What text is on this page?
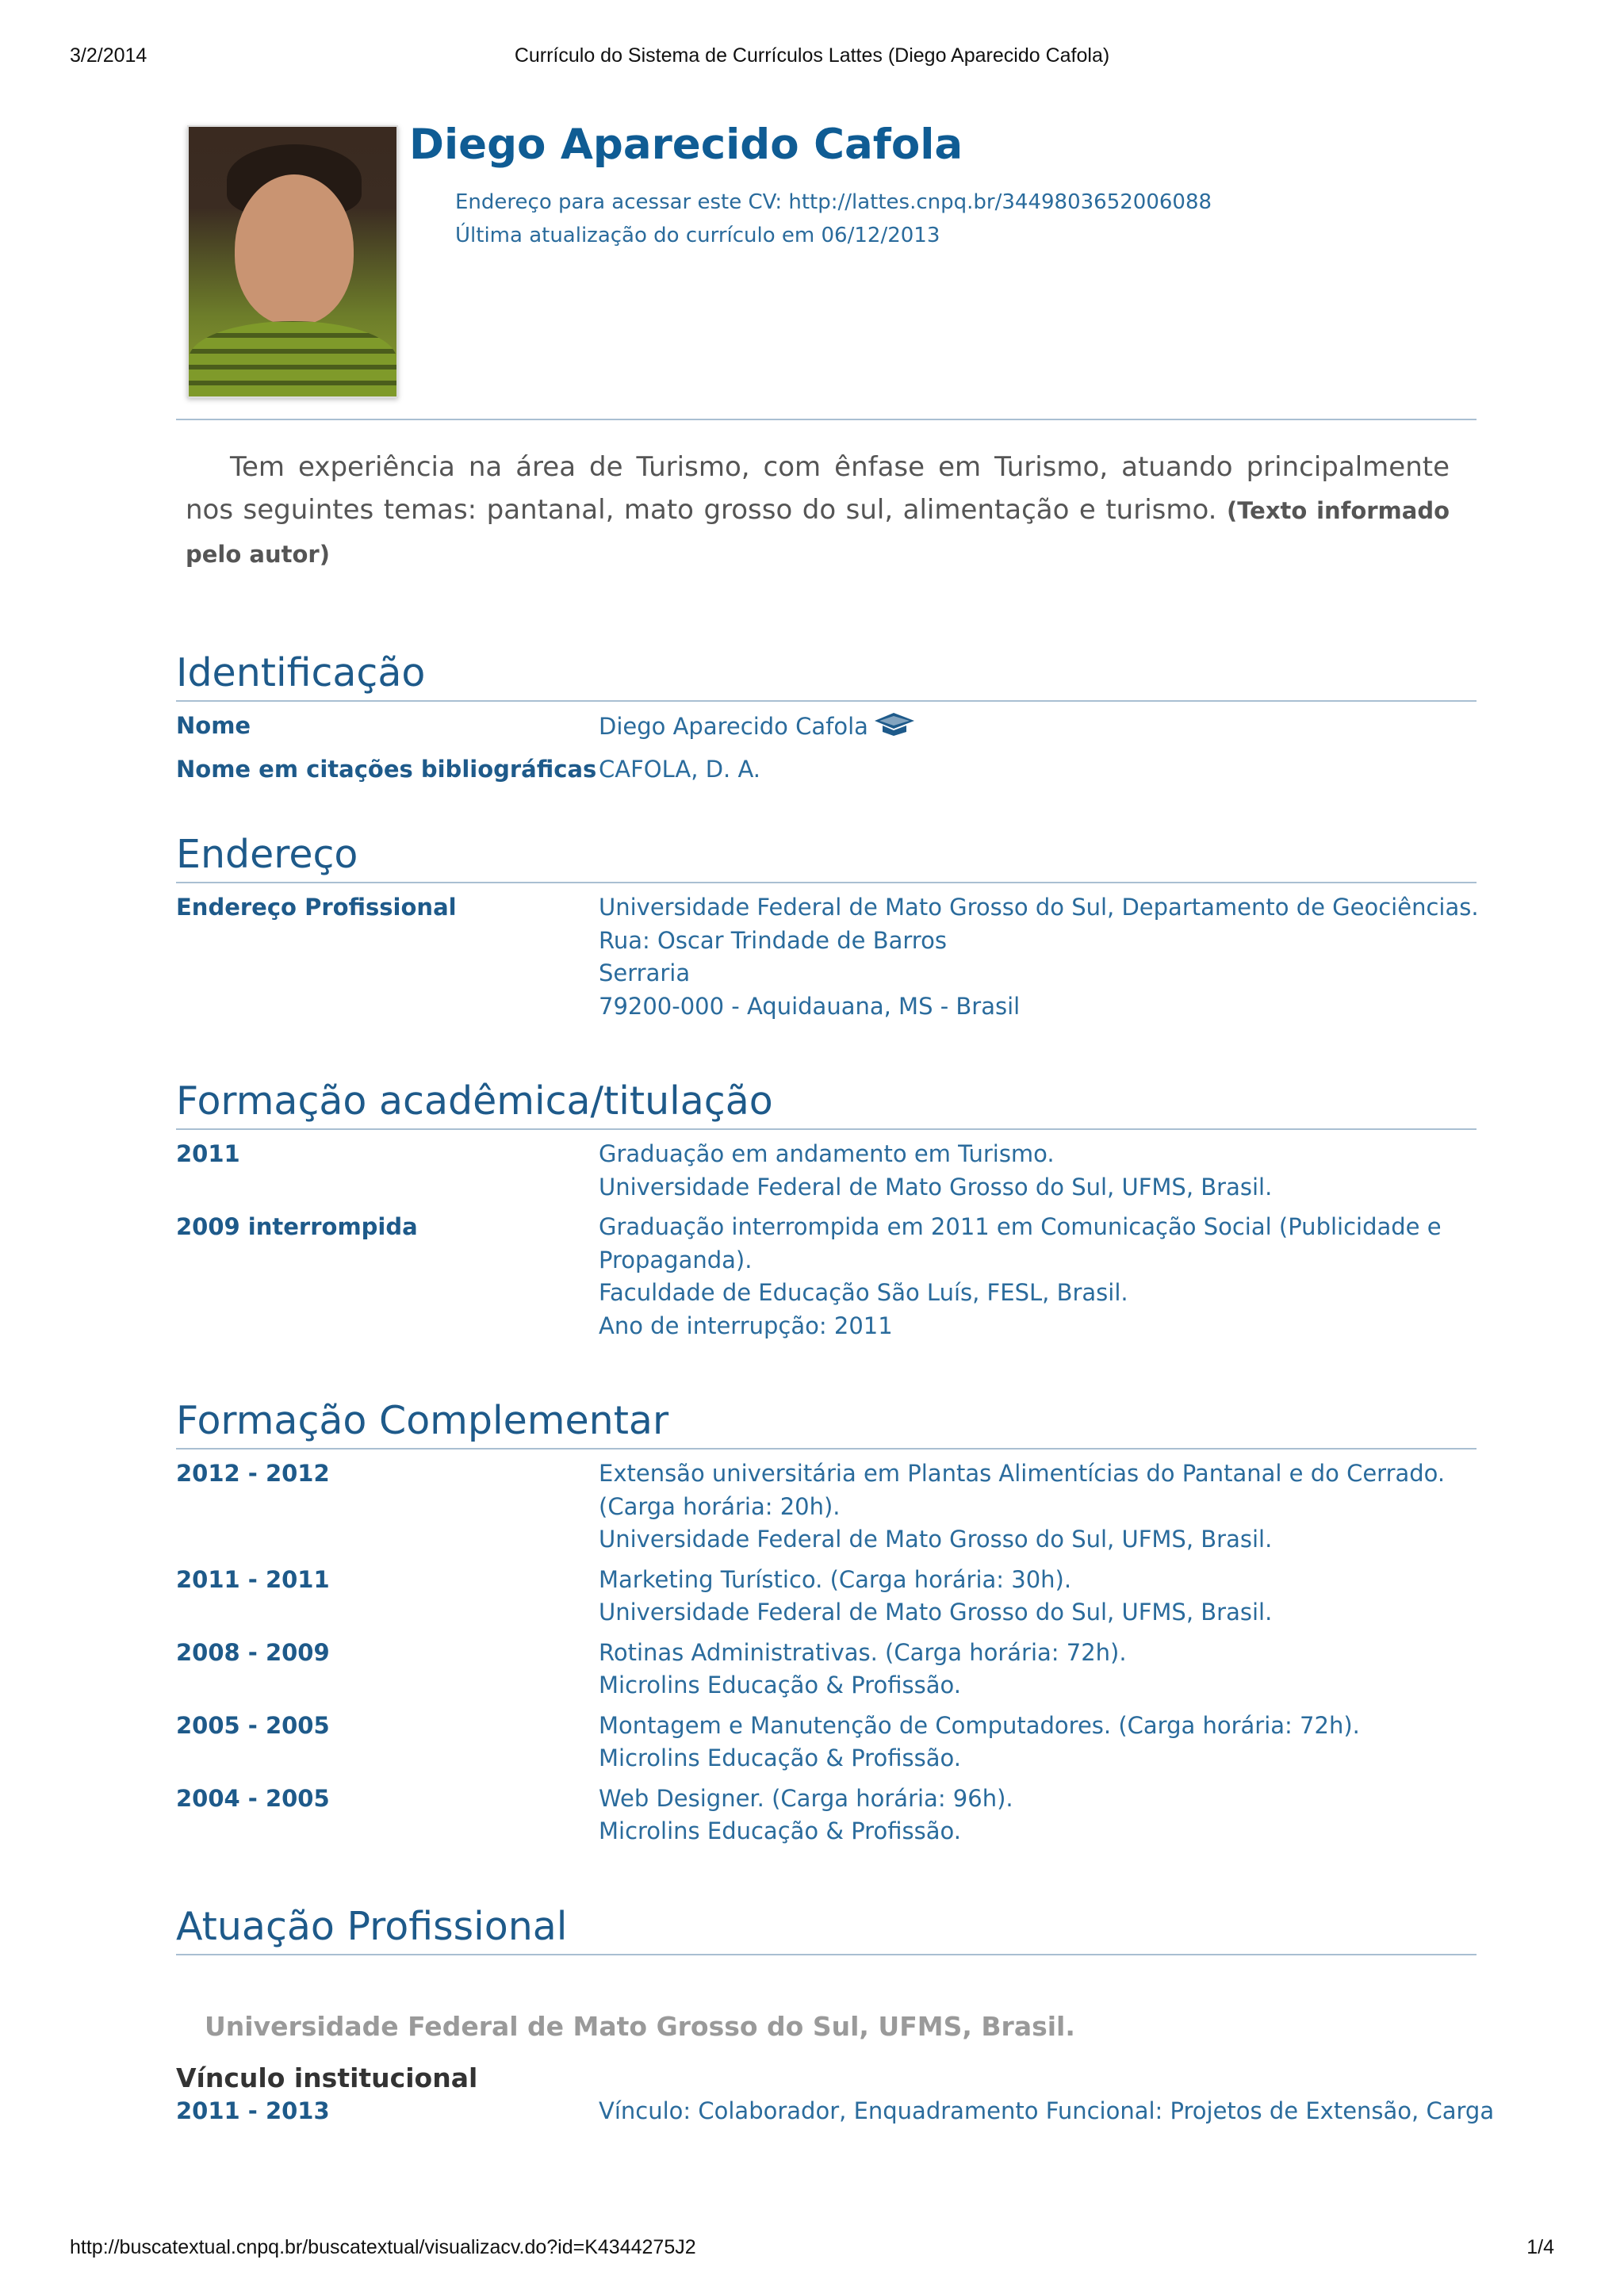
3/2/2014	Currículo do Sistema de Currículos Lattes (Diego Aparecido Cafola)
Diego Aparecido Cafola
Endereço para acessar este CV: http://lattes.cnpq.br/3449803652006088
Última atualização do currículo em 06/12/2013

Tem experiência na área de Turismo, com ênfase em Turismo, atuando principalmente nos seguintes temas: pantanal, mato grosso do sul, alimentação e turismo. (Texto informado pelo autor)

Identificação
Nome	Diego Aparecido Cafola
Nome em citações bibliográficas CAFOLA, D. A.
Endereço
Endereço Profissional	Universidade Federal de Mato Grosso do Sul, Departamento de Geociências.
Rua: Oscar Trindade de Barros
Serraria
79200-000 - Aquidauana, MS - Brasil
Formação acadêmica/titulação
2011	Graduação em andamento em Turismo.
Universidade Federal de Mato Grosso do Sul, UFMS, Brasil.
2009 interrompida	Graduação interrompida em 2011 em Comunicação Social (Publicidade e
Propaganda).
Faculdade de Educação São Luís, FESL, Brasil.
Ano de interrupção: 2011
Formação Complementar
2012 - 2012	Extensão universitária em Plantas Alimentícias do Pantanal e do Cerrado.
(Carga horária: 20h).
Universidade Federal de Mato Grosso do Sul, UFMS, Brasil.
2011 - 2011	Marketing Turístico. (Carga horária: 30h).
Universidade Federal de Mato Grosso do Sul, UFMS, Brasil.
2008 - 2009	Rotinas Administrativas. (Carga horária: 72h).
Microlins Educação & Profissão.
2005 - 2005	Montagem e Manutenção de Computadores. (Carga horária: 72h).
Microlins Educação & Profissão.
2004 - 2005	Web Designer. (Carga horária: 96h).
Microlins Educação & Profissão.
Atuação Profissional
Universidade Federal de Mato Grosso do Sul, UFMS, Brasil.
Vínculo institucional
2011 - 2013	Vínculo: Colaborador, Enquadramento Funcional: Projetos de Extensão, Carga
http://buscatextual.cnpq.br/buscatextual/visualizacv.do?id=K4344275J2	1/4
